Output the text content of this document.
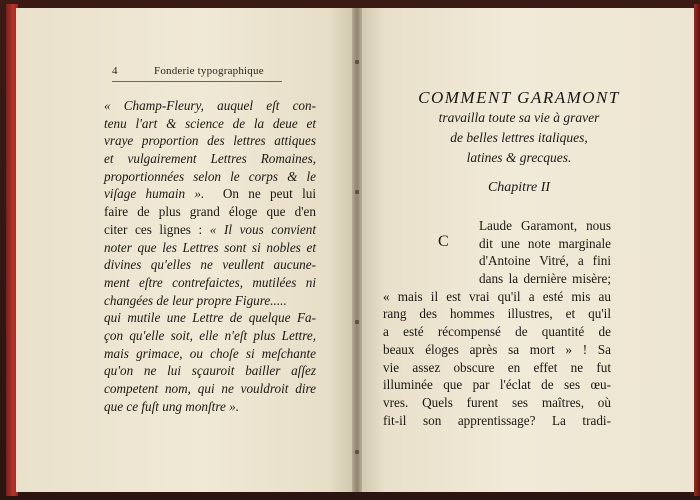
4	Fonderie typographique
« Champ-Fleury, auquel eſt con-
tenu l'art & science de la deue et
vraye proportion des lettres attiques
et vulgairement Lettres Romaines,
proportionnées selon le corps & le
viſage humain ». On ne peut lui
faire de plus grand éloge que d'en
citer ces lignes : « Il vous convient
noter que les Lettres sont si nobles et
divines qu'elles ne veullent aucune-
ment eſtre contrefaictes, mutilées ni
changées de leur propre Figure.....
qui mutile une Lettre de quelque Fa-
çon qu'elle soit, elle n'eſt plus Lettre,
mais grimace, ou choſe si meſchante
qu'on ne lui sçauroit bailler aſſez
competent nom, qui ne vouldroit dire
que ce fuſt ung monſtre ».
COMMENT GARAMONT
travailla toute sa vie à graver
de belles lettres italiques,
latines & grecques.
Chapitre II
C
Laude Garamont, nous
dit une note marginale
d'Antoine Vitré, a fini
dans la dernière misère;
« mais il est vrai qu'il a esté mis au
rang des hommes illustres, et qu'il
a esté récompensé de quantité de
beaux éloges après sa mort » ! Sa
vie assez obscure en effet ne fut
illuminée que par l'éclat de ses œu-
vres. Quels furent ses maîtres, où
fit-il son apprentissage? La tradi-
